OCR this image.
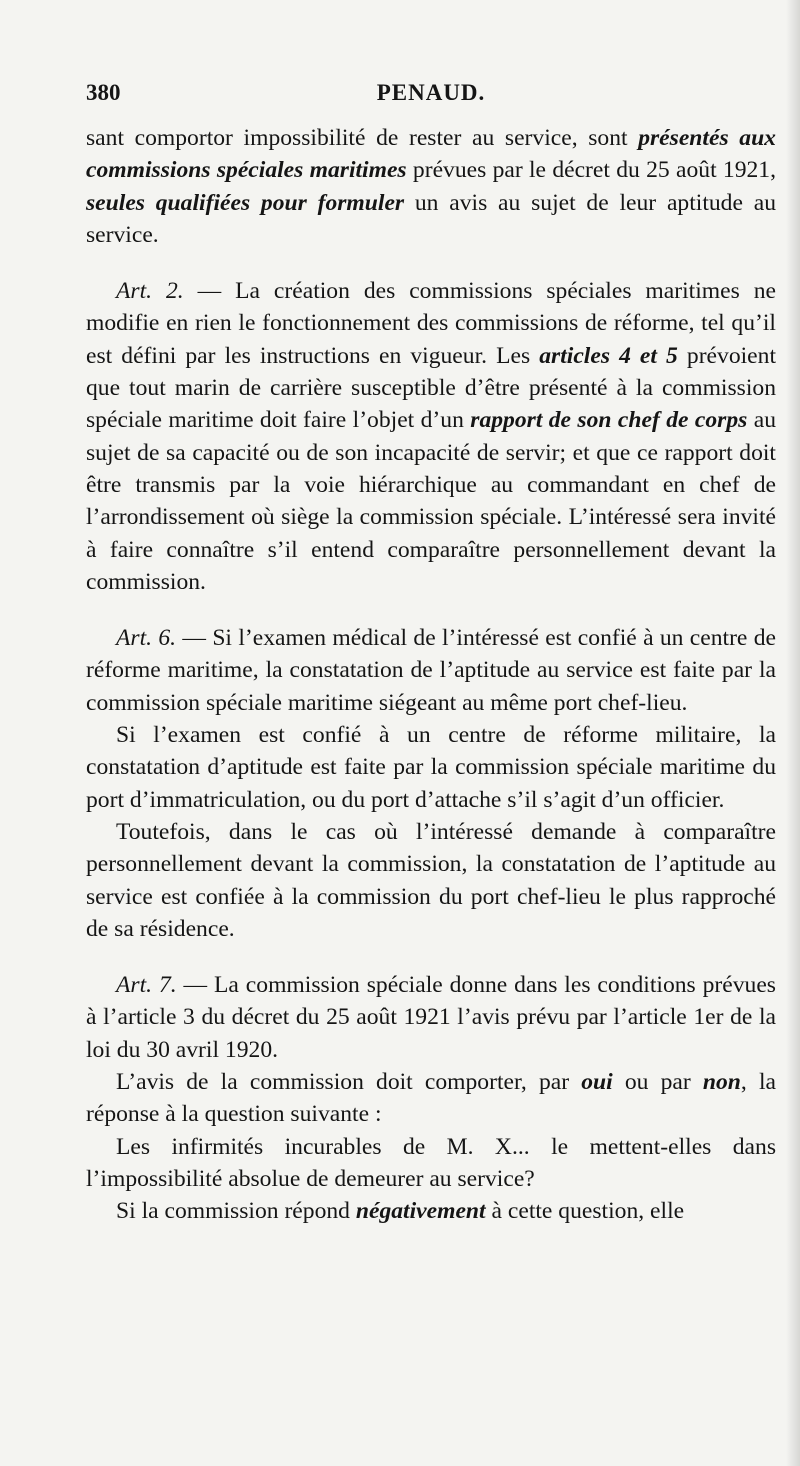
380	PENAUD.

sant comportor impossibilité de rester au service, sont présentés aux commissions spéciales maritimes prévues par le décret du 25 août 1921, seules qualifiées pour formuler un avis au sujet de leur aptitude au service.

Art. 2. — La création des commissions spéciales maritimes ne modifie en rien le fonctionnement des commissions de réforme, tel qu’il est défini par les instructions en vigueur. Les articles 4 et 5 prévoient que tout marin de carrière susceptible d’être présenté à la commission spéciale maritime doit faire l’objet d’un rapport de son chef de corps au sujet de sa capacité ou de son incapacité de servir; et que ce rapport doit être transmis par la voie hiérarchique au commandant en chef de l’arrondissement où siège la commission spéciale. L’intéressé sera invité à faire connaître s’il entend comparaître personnellement devant la commission.

Art. 6. — Si l’examen médical de l’intéressé est confié à un centre de réforme maritime, la constatation de l’aptitude au service est faite par la commission spéciale maritime siégeant au même port chef-lieu.

Si l’examen est confié à un centre de réforme militaire, la constatation d’aptitude est faite par la commission spéciale maritime du port d’immatriculation, ou du port d’attache s’il s’agit d’un officier.

Toutefois, dans le cas où l’intéressé demande à comparaître personnellement devant la commission, la constatation de l’aptitude au service est confiée à la commission du port chef-lieu le plus rapproché de sa résidence.

Art. 7. — La commission spéciale donne dans les conditions prévues à l’article 3 du décret du 25 août 1921 l’avis prévu par l’article 1er de la loi du 30 avril 1920.

L’avis de la commission doit comporter, par oui ou par non, la réponse à la question suivante :

Les infirmités incurables de M. X... le mettent-elles dans l’impossibilité absolue de demeurer au service?

Si la commission répond négativement à cette question, elle
